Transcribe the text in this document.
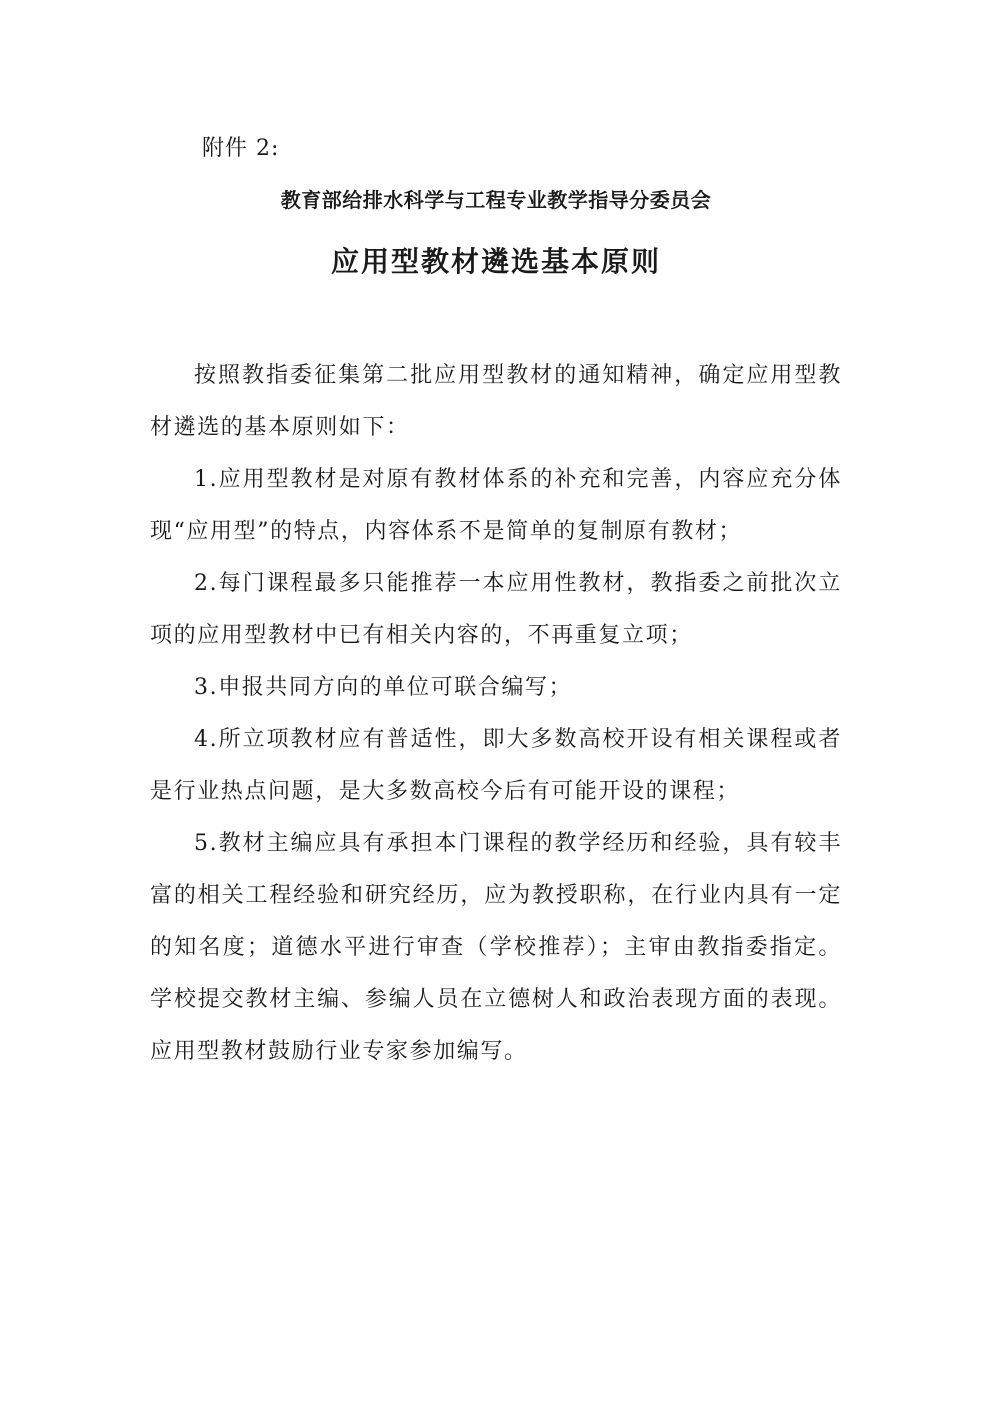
附件 2:
教育部给排水科学与工程专业教学指导分委员会
应用型教材遴选基本原则

按照教指委征集第二批应用型教材的通知精神，确定应用型教材遴选的基本原则如下：

1.应用型教材是对原有教材体系的补充和完善，内容应充分体现“应用型”的特点，内容体系不是简单的复制原有教材；

2.每门课程最多只能推荐一本应用性教材，教指委之前批次立项的应用型教材中已有相关内容的，不再重复立项；

3.申报共同方向的单位可联合编写；

4.所立项教材应有普适性，即大多数高校开设有相关课程或者是行业热点问题，是大多数高校今后有可能开设的课程；

5.教材主编应具有承担本门课程的教学经历和经验，具有较丰富的相关工程经验和研究经历，应为教授职称，在行业内具有一定的知名度；道德水平进行审查（学校推荐）；主审由教指委指定。学校提交教材主编、参编人员在立德树人和政治表现方面的表现。应用型教材鼓励行业专家参加编写。
